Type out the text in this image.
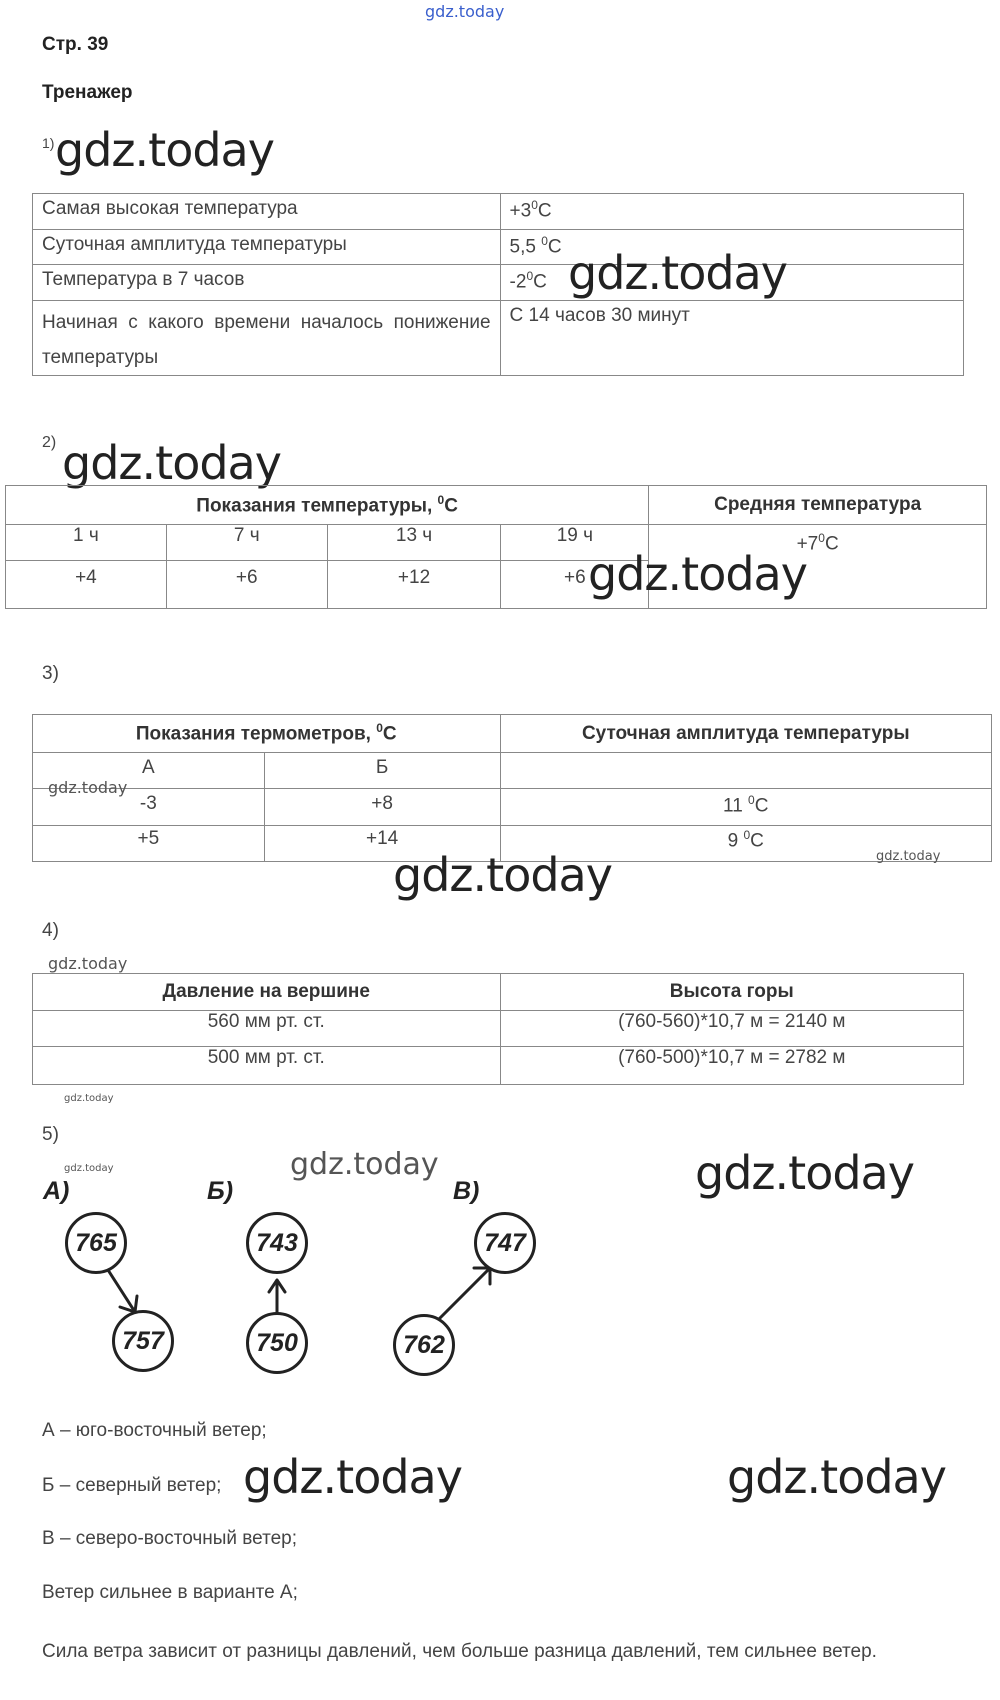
gdz.today
Стр. 39
Тренажер
1) gdz.today
Самая высокая температура	$+3^0C$
Суточная амплитуда температуры	5,5 $^0$C
Температура в 7 часов	$-2^0C$
Начиная с какого времени началось понижение температуры	С 14 часов 30 минут
gdz.today
2) gdz.today
Показания температуры, $^0$C				Средняя температура
1 ч	7 ч	13 ч	19 ч	$+7^0C$
+4	+6	+12	+6	gdz.today
3)
Показания термометров, $^0$C		Суточная амплитуда температуры
А	Б	
-3	+8	11 $^0$C
+5	+14	9 $^0$C
gdz.today
gdz.today
gdz.today
4)
gdz.today
Давление на вершине	Высота горы
560 мм рт. ст.	(760-560)*10,7 м = 2140 м
500 мм рт. ст.	(760-500)*10,7 м = 2782 м
gdz.today
5)
gdz.today	gdz.today	gdz.today
А)	Б)	В)
765
757
743
750
747
762
А – юго-восточный ветер;
Б – северный ветер; gdz.today	gdz.today
В – северо-восточный ветер;
Ветер сильнее в варианте А;
Сила ветра зависит от разницы давлений, чем больше разница давлений, тем сильнее ветер.
